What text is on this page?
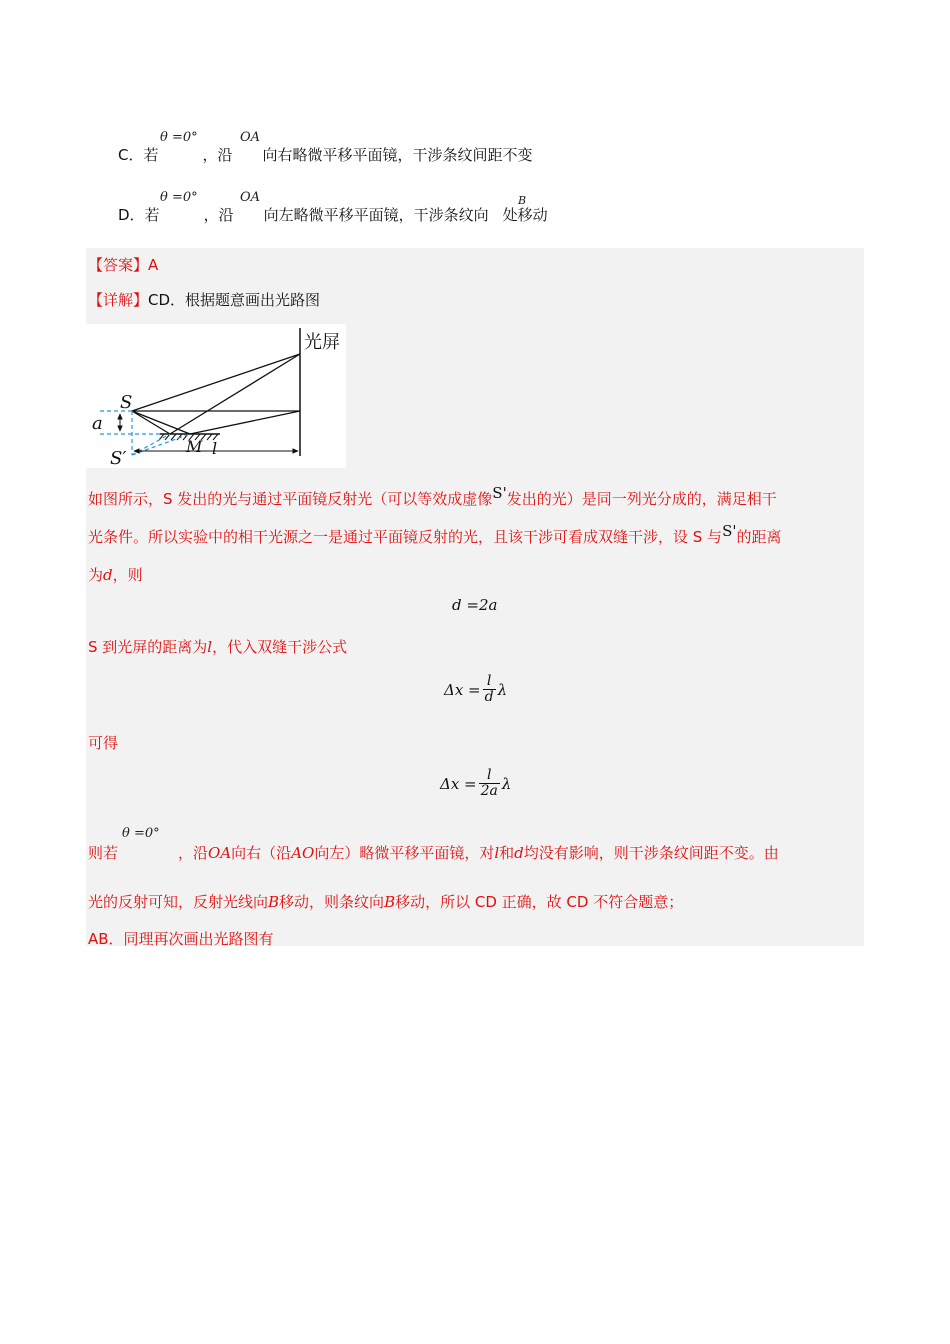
θ =0°	OA
C．若	，沿 向右略微平移平面镜，干涉条纹间距不变
θ =0°	OA	B
D．若	，沿 向左略微平移平面镜，干涉条纹向 处移动
【答案】A
【详解】CD．根据题意画出光路图
光屏
M l
a
S
S′
如图所示，S 发出的光与通过平面镜反射光（可以等效成虚像S'发出的光）是同一列光分成的，满足相干
光条件。所以实验中的相干光源之一是通过平面镜反射的光，且该干涉可看成双缝干涉，设 S 与S'的距离
为d，则
d =2a
S 到光屏的距离为l，代入双缝干涉公式
$\Delta x = \frac{l}{d}$ λ
可得
$\Delta x = \frac{l}{2a}$ λ
θ =0°
则若	，沿OA向右（沿AO向左）略微平移平面镜，对l和d均没有影响，则干涉条纹间距不变。由
光的反射可知，反射光线向B移动，则条纹向B移动，所以 CD 正确，故 CD 不符合题意；
AB．同理再次画出光路图有
